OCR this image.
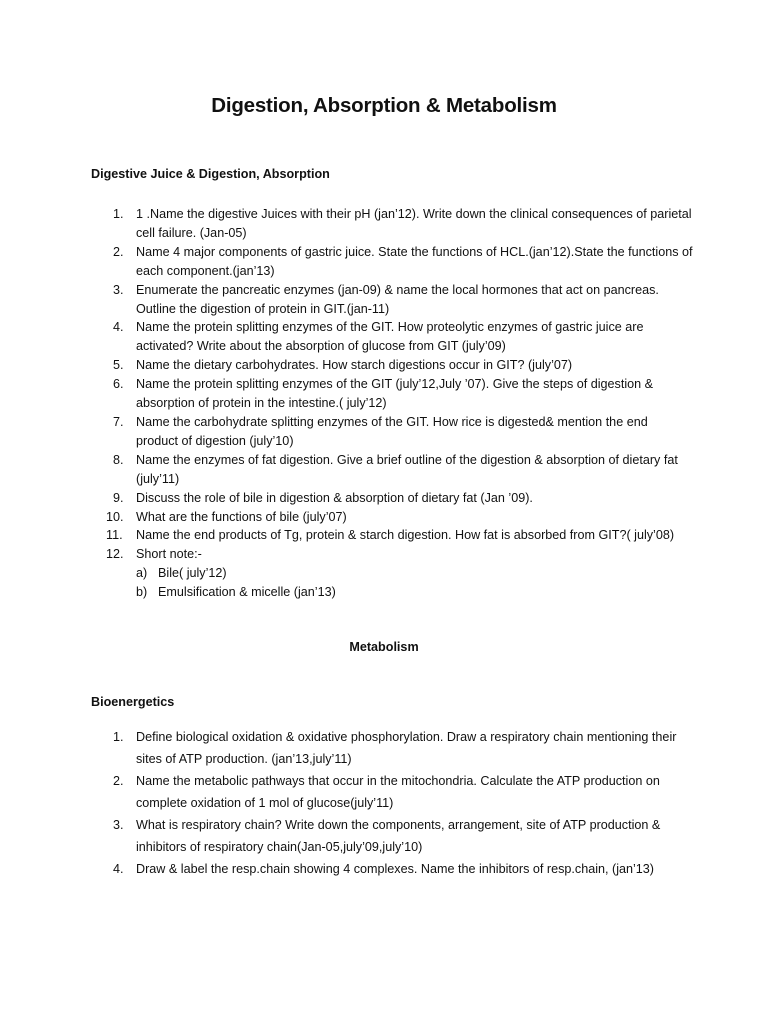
Digestion, Absorption & Metabolism
Digestive Juice & Digestion, Absorption
1. 1 .Name the digestive Juices with their pH (jan’12). Write down the clinical consequences of parietal cell failure. (Jan-05)
2. Name 4 major components of gastric juice. State the functions of HCL.(jan’12).State the functions of each component.(jan’13)
3. Enumerate the pancreatic enzymes (jan-09) & name the local hormones that act on pancreas. Outline the digestion of protein in GIT.(jan-11)
4. Name the protein splitting enzymes of the GIT. How proteolytic enzymes of gastric juice are activated? Write about the absorption of glucose from GIT (july’09)
5. Name the dietary carbohydrates. How starch digestions occur in GIT? (july’07)
6. Name the protein splitting enzymes of the GIT (july’12,July ’07). Give the steps of digestion & absorption of protein in the intestine.( july’12)
7. Name the carbohydrate splitting enzymes of the GIT. How rice is digested& mention the end product of digestion (july’10)
8. Name the enzymes of fat digestion. Give a brief outline of the digestion & absorption of dietary fat (july’11)
9. Discuss the role of bile in digestion & absorption of dietary fat (Jan ’09).
10. What are the functions of bile (july’07)
11. Name the end products of Tg, protein & starch digestion. How fat is absorbed from GIT?( july’08)
12. Short note:-
a) Bile( july’12)
b) Emulsification & micelle (jan’13)
Metabolism
Bioenergetics
1. Define biological oxidation & oxidative phosphorylation. Draw a respiratory chain mentioning their sites of ATP production. (jan’13,july’11)
2. Name the metabolic pathways that occur in the mitochondria. Calculate the ATP production on complete oxidation of 1 mol of glucose(july’11)
3. What is respiratory chain? Write down the components, arrangement, site of ATP production & inhibitors of respiratory chain(Jan-05,july’09,july’10)
4. Draw & label the resp.chain showing 4 complexes. Name the inhibitors of resp.chain, (jan’13)
